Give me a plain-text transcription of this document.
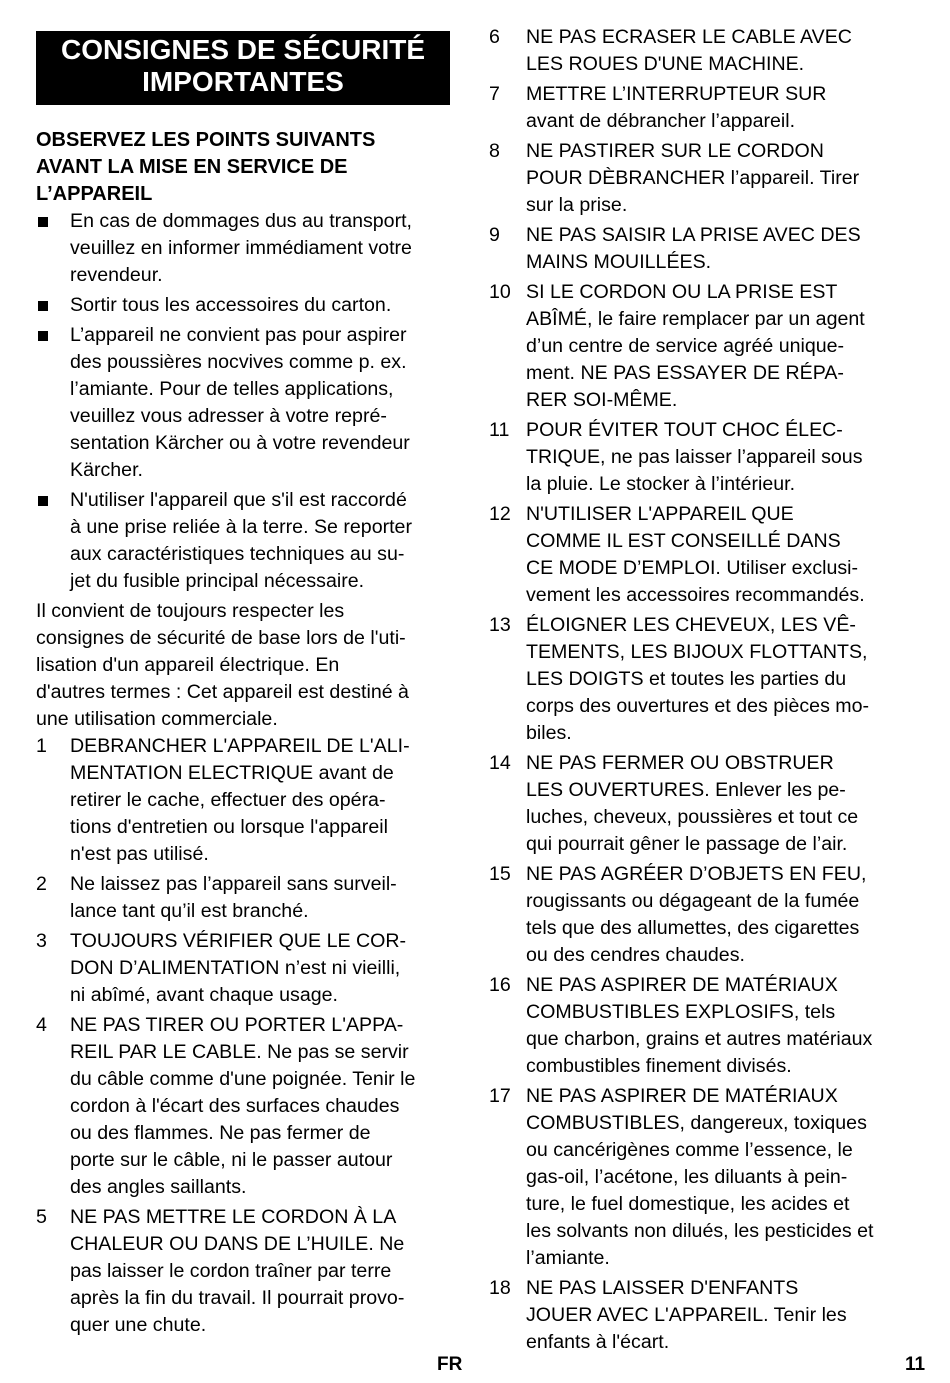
CONSIGNES DE SÉCURITÉ
IMPORTANTES
OBSERVEZ LES POINTS SUIVANTS
AVANT LA MISE EN SERVICE DE
L’APPAREIL
En cas de dommages dus au transport,
veuillez en informer immédiament votre
revendeur.
Sortir tous les accessoires du carton.
L’appareil ne convient pas pour aspirer
des poussières nocvives comme p. ex.
l’amiante. Pour de telles applications,
veuillez vous adresser à votre repré-
sentation Kärcher ou à votre revendeur
Kärcher.
N'utiliser l'appareil que s'il est raccordé
à une prise reliée à la terre. Se reporter
aux caractéristiques techniques au su-
jet du fusible principal nécessaire.
Il convient de toujours respecter les
consignes de sécurité de base lors de l'uti-
lisation d'un appareil électrique. En
d'autres termes : Cet appareil est destiné à
une utilisation commerciale.
1 DEBRANCHER L'APPAREIL DE L'ALI-
MENTATION ELECTRIQUE avant de
retirer le cache, effectuer des opéra-
tions d'entretien ou lorsque l'appareil
n'est pas utilisé.
2 Ne laissez pas l’appareil sans surveil-
lance tant qu’il est branché.
3 TOUJOURS VÉRIFIER QUE LE COR-
DON D’ALIMENTATION n’est ni vieilli,
ni abîmé, avant chaque usage.
4 NE PAS TIRER OU PORTER L'APPA-
REIL PAR LE CABLE. Ne pas se servir
du câble comme d'une poignée. Tenir le
cordon à l'écart des surfaces chaudes
ou des flammes. Ne pas fermer de
porte sur le câble, ni le passer autour
des angles saillants.
5 NE PAS METTRE LE CORDON À LA
CHALEUR OU DANS DE L’HUILE. Ne
pas laisser le cordon traîner par terre
après la fin du travail. Il pourrait provo-
quer une chute.
6 NE PAS ECRASER LE CABLE AVEC
LES ROUES D'UNE MACHINE.
7 METTRE L’INTERRUPTEUR SUR
avant de débrancher l’appareil.
8 NE PASTIRER SUR LE CORDON
POUR DÈBRANCHER l’appareil. Tirer
sur la prise.
9 NE PAS SAISIR LA PRISE AVEC DES
MAINS MOUILLÉES.
10 SI LE CORDON OU LA PRISE EST
ABÎMÉ, le faire remplacer par un agent
d’un centre de service agréé unique-
ment. NE PAS ESSAYER DE RÉPA-
RER SOI-MÊME.
11 POUR ÉVITER TOUT CHOC ÉLEC-
TRIQUE, ne pas laisser l’appareil sous
la pluie. Le stocker à l’intérieur.
12 N'UTILISER L'APPAREIL QUE
COMME IL EST CONSEILLÉ DANS
CE MODE D’EMPLOI. Utiliser exclusi-
vement les accessoires recommandés.
13 ÉLOIGNER LES CHEVEUX, LES VÊ-
TEMENTS, LES BIJOUX FLOTTANTS,
LES DOIGTS et toutes les parties du
corps des ouvertures et des pièces mo-
biles.
14 NE PAS FERMER OU OBSTRUER
LES OUVERTURES. Enlever les pe-
luches, cheveux, poussières et tout ce
qui pourrait gêner le passage de l’air.
15 NE PAS AGRÉER D’OBJETS EN FEU,
rougissants ou dégageant de la fumée
tels que des allumettes, des cigarettes
ou des cendres chaudes.
16 NE PAS ASPIRER DE MATÉRIAUX
COMBUSTIBLES EXPLOSIFS, tels
que charbon, grains et autres matériaux
combustibles finement divisés.
17 NE PAS ASPIRER DE MATÉRIAUX
COMBUSTIBLES, dangereux, toxiques
ou cancérigènes comme l’essence, le
gas-oil, l’acétone, les diluants à pein-
ture, le fuel domestique, les acides et
les solvants non dilués, les pesticides et
l’amiante.
18 NE PAS LAISSER D'ENFANTS
JOUER AVEC L'APPAREIL. Tenir les
enfants à l'écart.
FR	11
